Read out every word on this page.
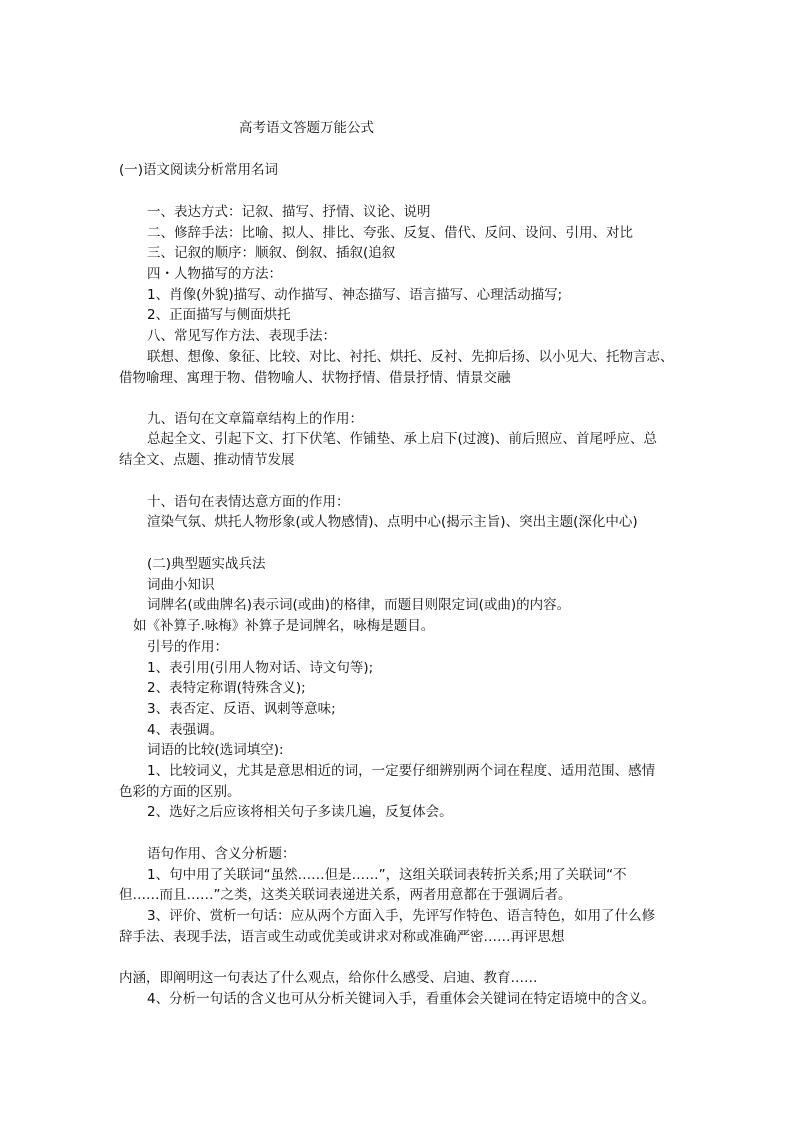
高考语文答题万能公式
(一)语文阅读分析常用名词
一、表达方式：记叙、描写、抒情、议论、说明
二、修辞手法：比喻、拟人、排比、夸张、反复、借代、反问、设问、引用、对比
三、记叙的顺序：顺叙、倒叙、插叙(追叙
四・人物描写的方法：
1、肖像(外貌)描写、动作描写、神态描写、语言描写、心理活动描写;
2、正面描写与侧面烘托
八、常见写作方法、表现手法：
联想、想像、象征、比较、对比、衬托、烘托、反衬、先抑后扬、以小见大、托物言志、
借物喻理、寓理于物、借物喻人、状物抒情、借景抒情、情景交融
九、语句在文章篇章结构上的作用：
总起全文、引起下文、打下伏笔、作铺垫、承上启下(过渡)、前后照应、首尾呼应、总
结全文、点题、推动情节发展
十、语句在表情达意方面的作用：
渲染气氛、烘托人物形象(或人物感情)、点明中心(揭示主旨)、突出主题(深化中心)
(二)典型题实战兵法
词曲小知识
词牌名(或曲牌名)表示词(或曲)的格律，而题目则限定词(或曲)的内容。
如《补算子.咏梅》补算子是词牌名，咏梅是题目。
引号的作用：
1、表引用(引用人物对话、诗文句等);
2、表特定称谓(特殊含义);
3、表否定、反语、讽刺等意味;
4、表强调。
词语的比较(选词填空):
1、比较词义，尤其是意思相近的词，一定要仔细辨别两个词在程度、适用范围、感情
色彩的方面的区别。
2、选好之后应该将相关句子多读几遍，反复体会。
语句作用、含义分析题：
1、句中用了关联词“虽然……但是……”，这组关联词表转折关系;用了关联词“不
但……而且……”之类，这类关联词表递进关系，两者用意都在于强调后者。
3、评价、赏析一句话：应从两个方面入手，先评写作特色、语言特色，如用了什么修
辞手法、表现手法，语言或生动或优美或讲求对称或准确严密……再评思想
内涵，即阐明这一句表达了什么观点，给你什么感受、启迪、教育……
4、分析一句话的含义也可从分析关键词入手，看重体会关键词在特定语境中的含义。
